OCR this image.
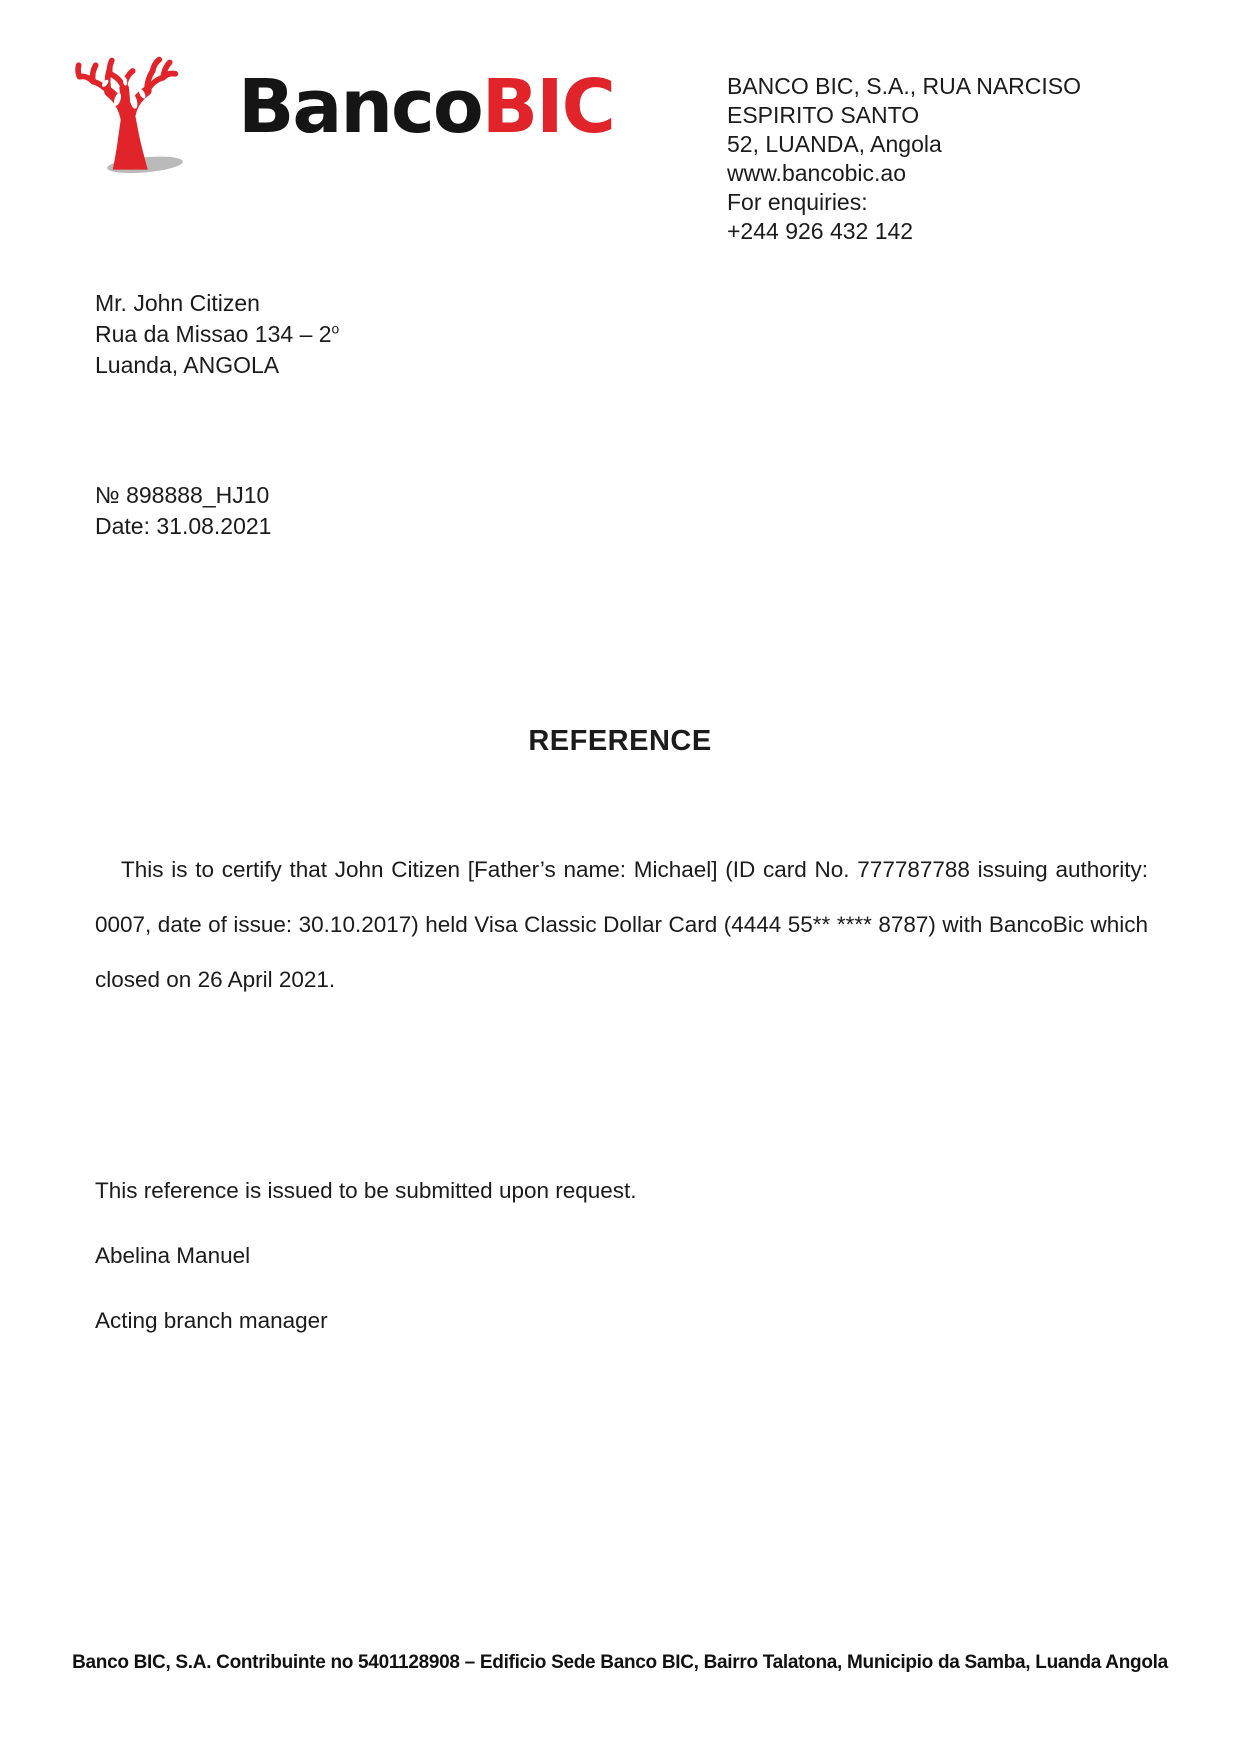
BancoBIC	BANCO BIC, S.A., RUA NARCISO
ESPIRITO SANTO
52, LUANDA, Angola
www.bancobic.ao
For enquiries:
+244 926 432 142
Mr. John Citizen
Rua da Missao 134 – 2$^o$
Luanda, ANGOLA
№ 898888_HJ10
Date: 31.08.2021
REFERENCE
This is to certify that John Citizen [Father’s name: Michael] (ID card No. 777787788 issuing authority: 0007, date of issue: 30.10.2017) held Visa Classic Dollar Card (4444 55** **** 8787) with BancoBic which closed on 26 April 2021.
This reference is issued to be submitted upon request.
Abelina Manuel
Acting branch manager
Banco BIC, S.A. Contribuinte no 5401128908 – Edificio Sede Banco BIC, Bairro Talatona, Municipio da Samba, Luanda Angola
